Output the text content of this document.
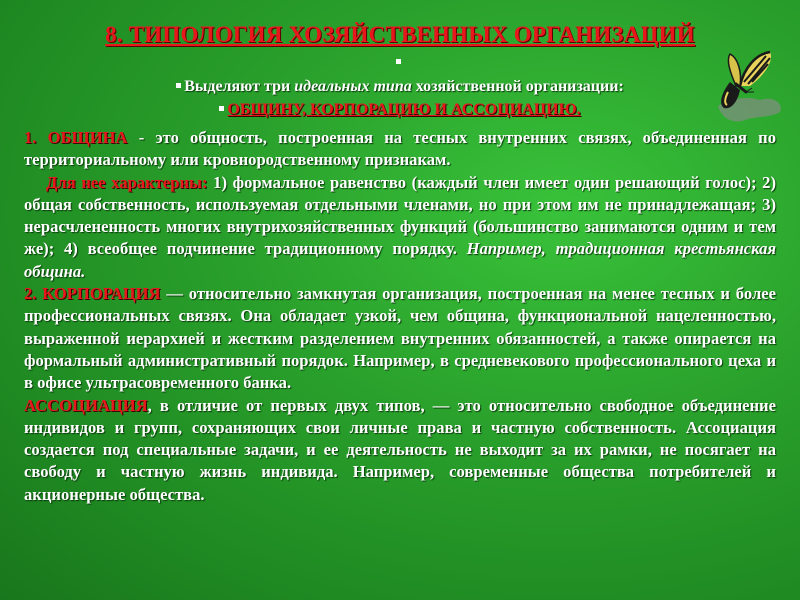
8. ТИПОЛОГИЯ ХОЗЯЙСТВЕННЫХ ОРГАНИЗАЦИЙ
Выделяют три идеальных типа хозяйственной организации:
ОБЩИНУ, КОРПОРАЦИЮ И АССОЦИАЦИЮ.

1. ОБЩИНА - это общность, построенная на тесных внутренних связях, объединенная по территориальному или кровнородственному признакам.

Для нее характерны: 1) формальное равенство (каждый член имеет один решающий голос); 2) общая собственность, используемая отдельными членами, но при этом им не принадлежащая; 3) нерасчлененность многих внутрихозяйственных функций (большинство занимаются одним и тем же); 4) всеобщее подчинение традиционному порядку. Например, традиционная крестьянская община.

2. КОРПОРАЦИЯ — относительно замкнутая организация, построенная на менее тесных и более профессиональных связях. Она обладает узкой, чем община, функциональной нацеленностью, выраженной иерархией и жестким разделением внутренних обязанностей, а также опирается на формальный административный порядок. Например, в средневекового профессионального цеха и в офисе ультрасовременного банка.

АССОЦИАЦИЯ, в отличие от первых двух типов, — это относительно свободное объединение индивидов и групп, сохраняющих свои личные права и частную собственность. Ассоциация создается под специальные задачи, и ее деятельность не выходит за их рамки, не посягает на свободу и частную жизнь индивида. Например, современные общества потребителей и акционерные общества.
